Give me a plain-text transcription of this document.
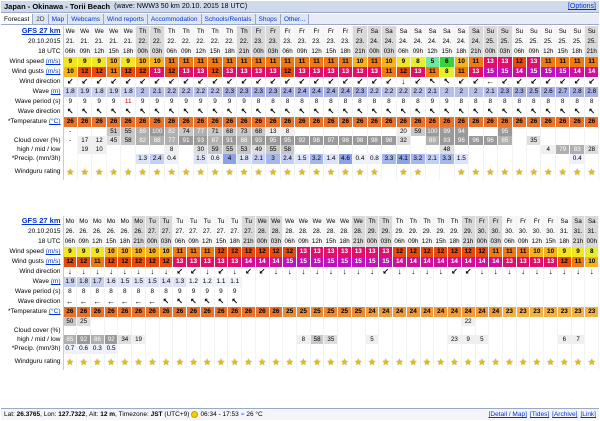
Japan - Okinawa - Torii Beach (wave: NWW3 50 km 20.10. 2015 18 UTC)	[Options]
Forecast	2D	Map	Webcams	Wind reports	Accommodation	Schools/Rentals	Shops	Other...
GFS 27 km	We	We	We	We	We	Th	Th	Th	Th	Th	Th	Th	Th	Fr	Fr	Fr	Fr	Fr	Fr	Fr	Fr	Sa	Sa	Sa	Sa	Sa	Sa	Sa	Sa	Su	Su	Su	Su	Su	Su	Su	Su
20.10.2015	21.	21.	21.	21.	21.	22.	22.	22.	22.	22.	22.	22.	22.	23.	23.	23.	23.	23.	23.	23.	23.	24.	24.	24.	24.	24.	24.	24.	24.	25.	25.	25.	25.	25.	25.	25.	25.
18 UTC	06h	09h	12h	15h	18h	00h	03h	06h	09h	12h	15h	18h	21h	00h	03h	06h	09h	12h	15h	18h	21h	00h	03h	06h	09h	12h	15h	18h	21h	00h	03h	06h	09h	12h	15h	18h	21h
Wind speed (m/s)	9	9	9	10	9	10	10	11	11	11	11	11	11	11	11	11	11	11	11	11	10	11	10	9	8	5	6	10	11	13	13	12	13	11	11	11	11
Wind gusts (m/s)	10	12	12	11	12	12	13	12	13	13	12	13	13	13	13	12	13	13	13	13	13	13	11	12	13	11	8	11	13	15	15	14	15	15	15	14	14
Wind direction	↙	↙	↙	↙	↙	↙	↙	↙	↙	↙	↙	↙	↙	↙	↙	↙	↙	↙	↙	↙	↙	↙	↙	↓	↙	↖	↖	↙	↙	←	↙	↙	↙	↙	↙	↙	↙
Wave (m)	1.8	1.9	1.8	1.9	1.8	2	2.1	2.2	2.2	2.2	2.2	2.3	2.3	2.3	2.3	2.4	2.4	2.4	2.4	2.4	2.3	2.2	2.2	2.2	2.2	2.1	2	2	2	2.1	2.3	2.3	2.5	2.6	2.7	2.8	2.8
Wave period (s)	9	9	9	9	11	9	9	9	9	9	9	9	9	8	8	8	8	8	8	8	8	8	8	8	8	9	9	8	8	8	8	8	8	8	8	8	8
Wave direction	↖	↖	↖	↖	↖	↖	↖	↖	↖	↖	↖	↖	↖	↖	↖	↖	↖	↖	↖	↖	↖	↖	↖	↖	↖	↖	↖	↖	↖	↖	↖	↖	↖	↖	↖	↖	↖
*Temperature (°C)	26	26	26	26	26	26	26	26	26	26	26	26	26	26	26	26	26	26	26	26	26	26	26	26	26	26	26	26	26	26	26	26	26	26	26	26	26
	-			51	55	89	100	82	74	77	71	68	73	68	13	8								20	59	100	99	94			95						
Cloud cover (%)	-	17	12	45	58	82	88	77	91	93	87	91	88	93	95	95	92	98	97	98	98	98	98	32		89	93	96	96	96	85		35				
high / mid / low		19	10					8		30	59	55	53	49	55	58											48							4	79	83	28
*Precip. (mm/3h)						1.3	2.4	0.4		1.5	0.6	4	1.8	2.1	3	2.4	1.5	3.2	1.4	4.6	0.4	0.8	3.3	4.1	3.2	2.1	3.3	1.5								0.4	
Windguru rating	★	★	★	★	★	★	★	★	★	★	★	★	★	★	★	★	★	★	★	★	★	★		★	★			★	★	★	★	★	★	★	★	★	★
GFS 27 km	Mo	Mo	Mo	Mo	Mo	Mo	Tu	Tu	Tu	Tu	Tu	Tu	Tu	Tu	We	We	We	We	We	We	We	We	Th	Th	Th	Th	Th	Th	Th	Th	Fr	Fr	Fr	Fr	Fr	Fr	Sa	Sa	Sa
20.10.2015	26.	26.	26.	26.	26.	26.	27.	27.	27.	27.	27.	27.	27.	27.	28.	28.	28.	28.	28.	28.	28.	28.	29.	29.	29.	29.	29.	29.	29.	29.	30.	30.	30.	30.	30.	30.	31.	31.	31.
18 UTC	06h	09h	12h	15h	18h	21h	00h	03h	06h	09h	12h	15h	18h	21h	00h	03h	06h	09h	12h	15h	18h	21h	00h	03h	06h	09h	12h	15h	18h	21h	00h	03h	06h	09h	12h	15h	18h	21h	00h
Wind speed (m/s)	9	9	9	10	10	10	10	10	11	11	11	12	12	12	12	12	12	13	13	13	13	13	13	13	12	12	12	12	12	12	12	11	11	11	10	10	9	9	8
Wind gusts (m/s)	12	12	11	12	12	12	12	12	13	13	13	13	13	14	14	14	15	15	15	15	15	15	15	15	14	14	14	14	14	14	14	14	13	13	13	13	12	11	10
Wind direction	↓	↓	↓	↓	↓	↓	↓	↓	↙	↙	↓	↙	↓	↙	↙	↓	↓	↓	↓	↓	↓	↓	↓	↙	↓	↓	↓	↓	↙	↙	↓	↓	↓	↓	↓	↓	↓	↓	↓
Wave (m)	1.9	1.8	1.7	1.6	1.5	1.5	1.5	1.4	1.3	1.2	1.2	1.1	1.1																										
Wave period (s)	8	8	8	8	8	8	8	8	9	9	9	9	9																										
Wave direction	←	←	←	←	←	←	←	↖	↖	↖	↖	↖	↖																										
*Temperature (°C)	26	26	26	26	26	26	26	26	26	26	26	26	26	26	26	26	25	25	25	25	25	25	24	24	24	24	24	24	24	24	24	24	23	23	23	23	23	23	23
	50	25																												22									
Cloud cover (%)																																							
high / mid / low	85	92	86	92	34	19												8	58	35			5						23	9	5						6	7	
*Precip. (mm/3h)	0.7	0.6	0.3	0.5																																			
Windguru rating	★	★	★	★	★	★	★	★	★	★	★	★	★	★	★	★	★	★	★	★	★	★	★	★	★	★	★	★	★	★	★	★	★	★	★	★	★	★	★
Lat:
26.3765 , Lon:
127.7322 , Alt:
12 m , Timezone:
JST
(UTC+9) 06:34 - 17:53 ≈ 26 °C	[Detail / Map] [Tides] [Archive] [Link]
